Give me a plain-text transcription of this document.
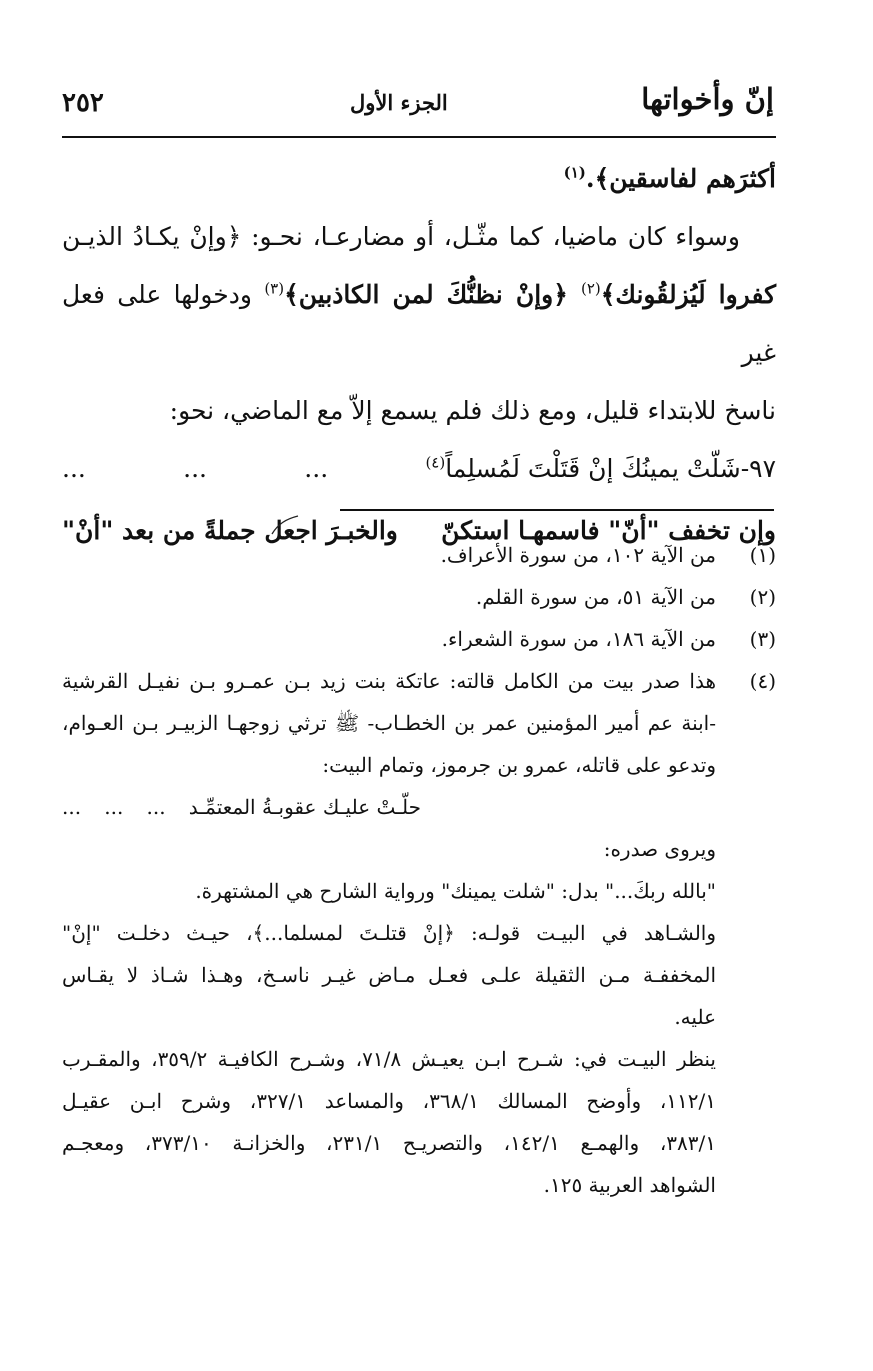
إنّ وأخواتها
الجزء الأول
٢٥٢
أكثرَهم لفاسقين﴾.$^{(١)}$
وسواء كان ماضيا، كما مثّـل، أو مضارعـا، نحـو: ﴿وإنْ يكـادُ الذيـن
كفروا لَيُزلقُونك﴾$^{(٢)}$ ﴿وإنْ نظنُّكَ لمن الكاذبين﴾$^{(٣)}$ ودخولها على فعل غير
ناسخ للابتداء قليل، ومع ذلك فلم يسمع إلاّ مع الماضي، نحو:
٩٧-شَلّتْ يمينُكَ إنْ قَتَلْتَ لَمُسلِماً$^{(٤)}$
...
...
...
وإن تخفف "أنّ" فاسمهـا استكنّ
والخبـرَ اجعل جملةً من بعد "أنْ"
(١)
من الآية ١٠٢، من سورة الأعراف.
(٢)
من الآية ٥١، من سورة القلم.
(٣)
من الآية ١٨٦، من سورة الشعراء.
(٤)
هذا صدر بيت من الكامل قالته: عاتكة بنت زيد بـن عمـرو بـن نفيـل القرشية
-ابنة عم أمير المؤمنين عمر بن الخطـاب- ﷺ ترثي زوجهـا الزبيـر بـن العـوام،
وتدعو على قاتله، عمرو بن جرموز، وتمام البيت:
حلّـتْ عليـك عقوبـةُ المعتمِّـد
...
...
...
ويروى صدره:
"بالله ربكَ..." بدل: "شلت يمينك" ورواية الشارح هي المشتهرة.
والشـاهد في البيـت قولـه: ﴿إنْ قتلـتَ لمسلما...﴾، حيـث دخلـت "إنْ"
المخففـة مـن الثقيلة علـى فعـل مـاض غيـر ناسـخ، وهـذا شـاذ لا يقـاس
عليه.
ينظر البيـت في: شـرح ابـن يعيـش ٧١/٨، وشـرح الكافيـة ٣٥٩/٢، والمقـرب
١١٢/١، وأوضح المسالك ٣٦٨/١، والمساعد ٣٢٧/١، وشرح ابـن عقيـل
٣٨٣/١، والهمـع ١٤٢/١، والتصريـح ٢٣١/١، والخزانـة ٣٧٣/١٠، ومعجـم
الشواهد العربية ١٢٥.
